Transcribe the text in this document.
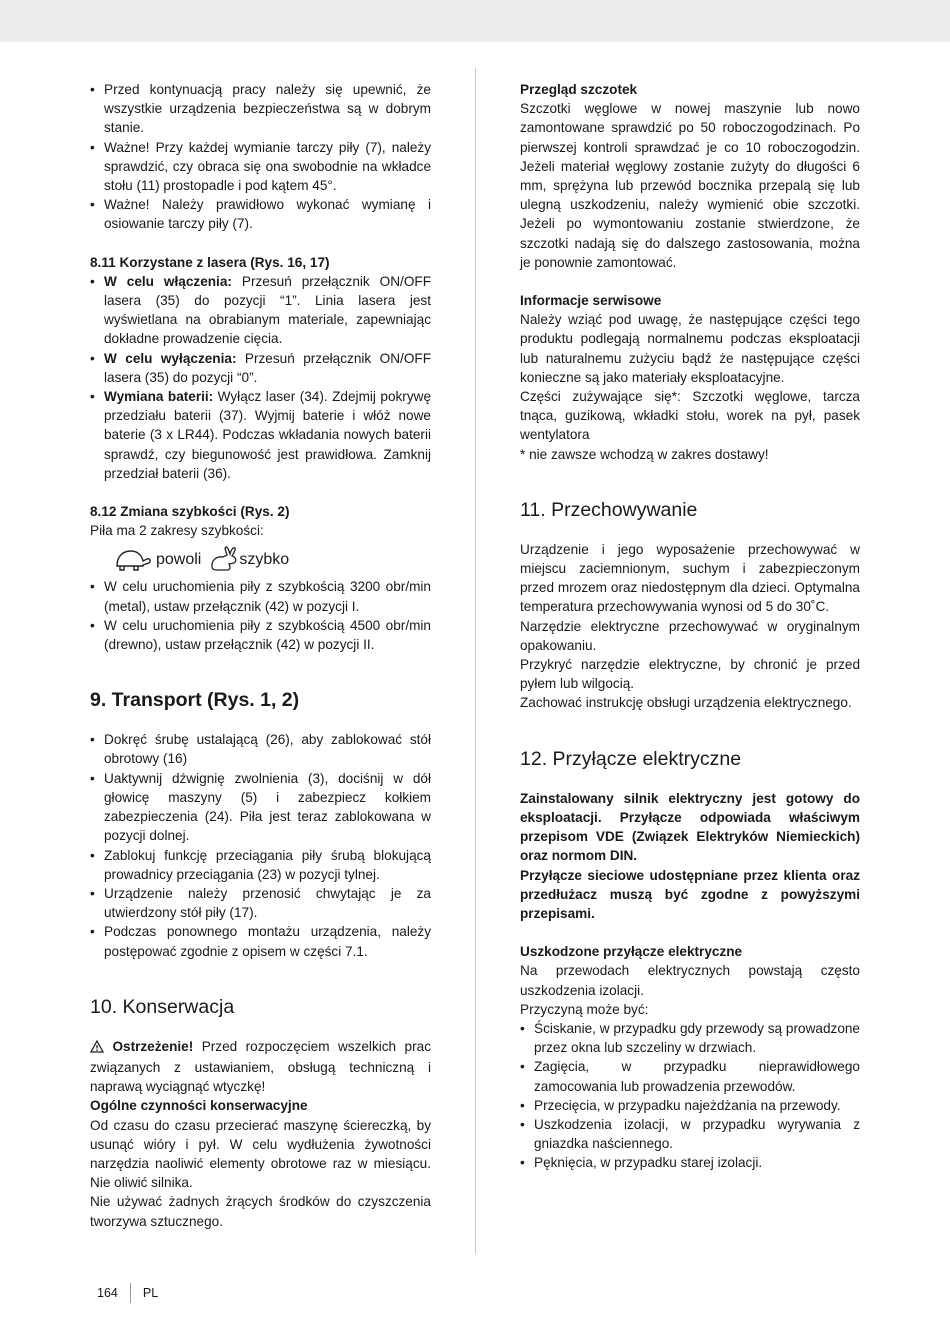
• Przed kontynuacją pracy należy się upewnić, że wszystkie urządzenia bezpieczeństwa są w dobrym stanie.
• Ważne! Przy każdej wymianie tarczy piły (7), należy sprawdzić, czy obraca się ona swobodnie na wkładce stołu (11) prostopadle i pod kątem 45°.
• Ważne! Należy prawidłowo wykonać wymianę i osiowanie tarczy piły (7).

8.11 Korzystane z lasera (Rys. 16, 17)

• W celu włączenia: Przesuń przełącznik ON/OFF lasera (35) do pozycji “1”. Linia lasera jest wyświetlana na obrabianym materiale, zapewniając dokładne prowadzenie cięcia.
• W celu wyłączenia: Przesuń przełącznik ON/OFF lasera (35) do pozycji “0”.
• Wymiana baterii: Wyłącz laser (34). Zdejmij pokrywę przedziału baterii (37). Wyjmij baterie i włóż nowe baterie (3 x LR44). Podczas wkładania nowych baterii sprawdź, czy biegunowość jest prawidłowa. Zamknij przedział baterii (36).

8.12 Zmiana szybkości (Rys. 2)

Piła ma 2 zakresy szybkości:

powoli szybko
• W celu uruchomienia piły z szybkością 3200 obr/min (metal), ustaw przełącznik (42) w pozycji I.
• W celu uruchomienia piły z szybkością 4500 obr/min (drewno), ustaw przełącznik (42) w pozycji II.
9. Transport (Rys. 1, 2)
• Dokręć śrubę ustalającą (26), aby zablokować stół obrotowy (16)
• Uaktywnij dźwignię zwolnienia (3), dociśnij w dół głowicę maszyny (5) i zabezpiecz kołkiem zabezpieczenia (24). Piła jest teraz zablokowana w pozycji dolnej.
• Zablokuj funkcję przeciągania piły śrubą blokującą prowadnicy przeciągania (23) w pozycji tylnej.
• Urządzenie należy przenosić chwytając je za utwierdzony stół piły (17).
• Podczas ponownego montażu urządzenia, należy postępować zgodnie z opisem w części 7.1.
10. Konserwacja

Ostrzeżenie! Przed rozpoczęciem wszelkich prac związanych z ustawianiem, obsługą techniczną i naprawą wyciągnąć wtyczkę!

Ogólne czynności konserwacyjne

Od czasu do czasu przecierać maszynę ściereczką, by usunąć wióry i pył. W celu wydłużenia żywotności narzędzia naoliwić elementy obrotowe raz w miesiącu. Nie oliwić silnika.

Nie używać żadnych żrących środków do czyszczenia tworzywa sztucznego.

Przegląd szczotek

Szczotki węglowe w nowej maszynie lub nowo zamontowane sprawdzić po 50 roboczogodzinach. Po pierwszej kontroli sprawdzać je co 10 roboczogodzin. Jeżeli materiał węglowy zostanie zużyty do długości 6 mm, sprężyna lub przewód bocznika przepalą się lub ulegną uszkodzeniu, należy wymienić obie szczotki. Jeżeli po wymontowaniu zostanie stwierdzone, że szczotki nadają się do dalszego zastosowania, można je ponownie zamontować.

Informacje serwisowe

Należy wziąć pod uwagę, że następujące części tego produktu podlegają normalnemu podczas eksploatacji lub naturalnemu zużyciu bądź że następujące części konieczne są jako materiały eksploatacyjne.

Części zużywające się*: Szczotki węglowe, tarcza tnąca, guzikową, wkładki stołu, worek na pył, pasek wentylatora

* nie zawsze wchodzą w zakres dostawy!

11. Przechowywanie

Urządzenie i jego wyposażenie przechowywać w miejscu zaciemnionym, suchym i zabezpieczonym przed mrozem oraz niedostępnym dla dzieci. Optymalna temperatura przechowywania wynosi od 5 do 30˚C.

Narzędzie elektryczne przechowywać w oryginalnym opakowaniu.

Przykryć narzędzie elektryczne, by chronić je przed pyłem lub wilgocią.

Zachować instrukcję obsługi urządzenia elektrycznego.

12. Przyłącze elektryczne

Zainstalowany silnik elektryczny jest gotowy do eksploatacji. Przyłącze odpowiada właściwym przepisom VDE (Związek Elektryków Niemieckich) oraz normom DIN.

Przyłącze sieciowe udostępniane przez klienta oraz przedłużacz muszą być zgodne z powyższymi przepisami.

Uszkodzone przyłącze elektryczne

Na przewodach elektrycznych powstają często uszkodzenia izolacji.

Przyczyną może być:

• Ściskanie, w przypadku gdy przewody są prowadzone przez okna lub szczeliny w drzwiach.
• Zagięcia, w przypadku nieprawidłowego zamocowania lub prowadzenia przewodów.
• Przecięcia, w przypadku najeżdżania na przewody.
• Uszkodzenia izolacji, w przypadku wyrywania z gniazdka naściennego.
• Pęknięcia, w przypadku starej izolacji.
164 PL
